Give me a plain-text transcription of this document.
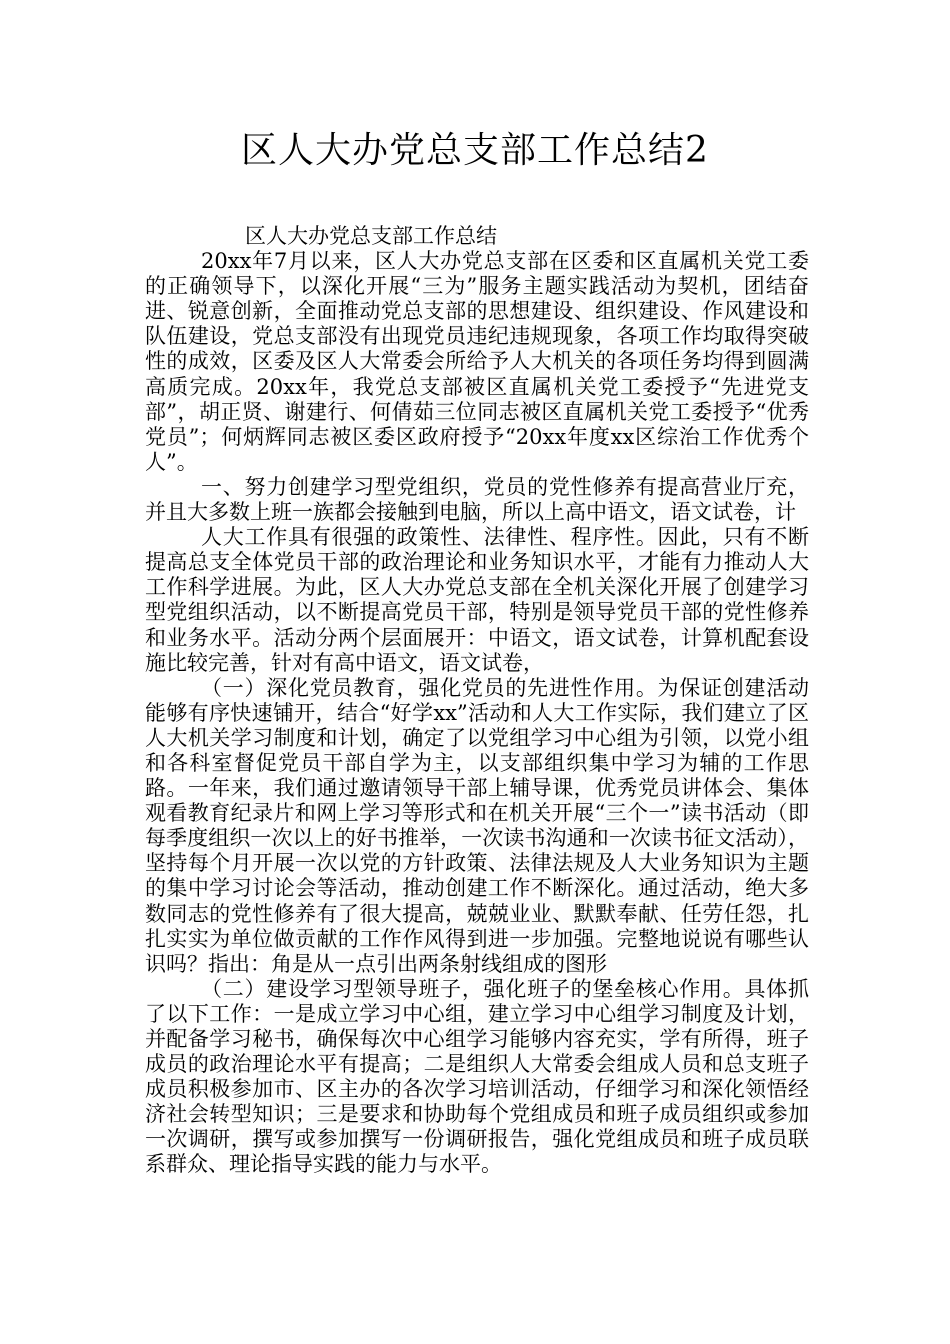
区人大办党总支部工作总结2

区人大办党总支部工作总结

20xx年7月以来，区人大办党总支部在区委和区直属机关党工委的正确领导下，以深化开展“三为”服务主题实践活动为契机，团结奋进、锐意创新，全面推动党总支部的思想建设、组织建设、作风建设和队伍建设，党总支部没有出现党员违纪违规现象，各项工作均取得突破性的成效，区委及区人大常委会所给予人大机关的各项任务均得到圆满高质完成。20xx年，我党总支部被区直属机关党工委授予“先进党支部”，胡正贤、谢建行、何倩茹三位同志被区直属机关党工委授予“优秀党员”；何炳辉同志被区委区政府授予“20xx年度xx区综治工作优秀个人”。

一、努力创建学习型党组织，党员的党性修养有提高营业厅充，并且大多数上班一族都会接触到电脑，所以上高中语文，语文试卷，计

人大工作具有很强的政策性、法律性、程序性。因此，只有不断提高总支全体党员干部的政治理论和业务知识水平，才能有力推动人大工作科学进展。为此，区人大办党总支部在全机关深化开展了创建学习型党组织活动，以不断提高党员干部，特别是领导党员干部的党性修养和业务水平。活动分两个层面展开：中语文，语文试卷，计算机配套设施比较完善，针对有高中语文，语文试卷，

（一）深化党员教育，强化党员的先进性作用。为保证创建活动能够有序快速铺开，结合“好学xx”活动和人大工作实际，我们建立了区人大机关学习制度和计划，确定了以党组学习中心组为引领，以党小组和各科室督促党员干部自学为主，以支部组织集中学习为辅的工作思路。一年来，我们通过邀请领导干部上辅导课，优秀党员讲体会、集体观看教育纪录片和网上学习等形式和在机关开展“三个一”读书活动（即每季度组织一次以上的好书推举，一次读书沟通和一次读书征文活动），坚持每个月开展一次以党的方针政策、法律法规及人大业务知识为主题的集中学习讨论会等活动，推动创建工作不断深化。通过活动，绝大多数同志的党性修养有了很大提高，兢兢业业、默默奉献、任劳任怨，扎扎实实为单位做贡献的工作作风得到进一步加强。完整地说说有哪些认识吗？指出：角是从一点引出两条射线组成的图形

（二）建设学习型领导班子，强化班子的堡垒核心作用。具体抓了以下工作：一是成立学习中心组，建立学习中心组学习制度及计划，并配备学习秘书，确保每次中心组学习能够内容充实，学有所得，班子成员的政治理论水平有提高；二是组织人大常委会组成人员和总支班子成员积极参加市、区主办的各次学习培训活动，仔细学习和深化领悟经济社会转型知识；三是要求和协助每个党组成员和班子成员组织或参加一次调研，撰写或参加撰写一份调研报告，强化党组成员和班子成员联系群众、理论指导实践的能力与水平。
